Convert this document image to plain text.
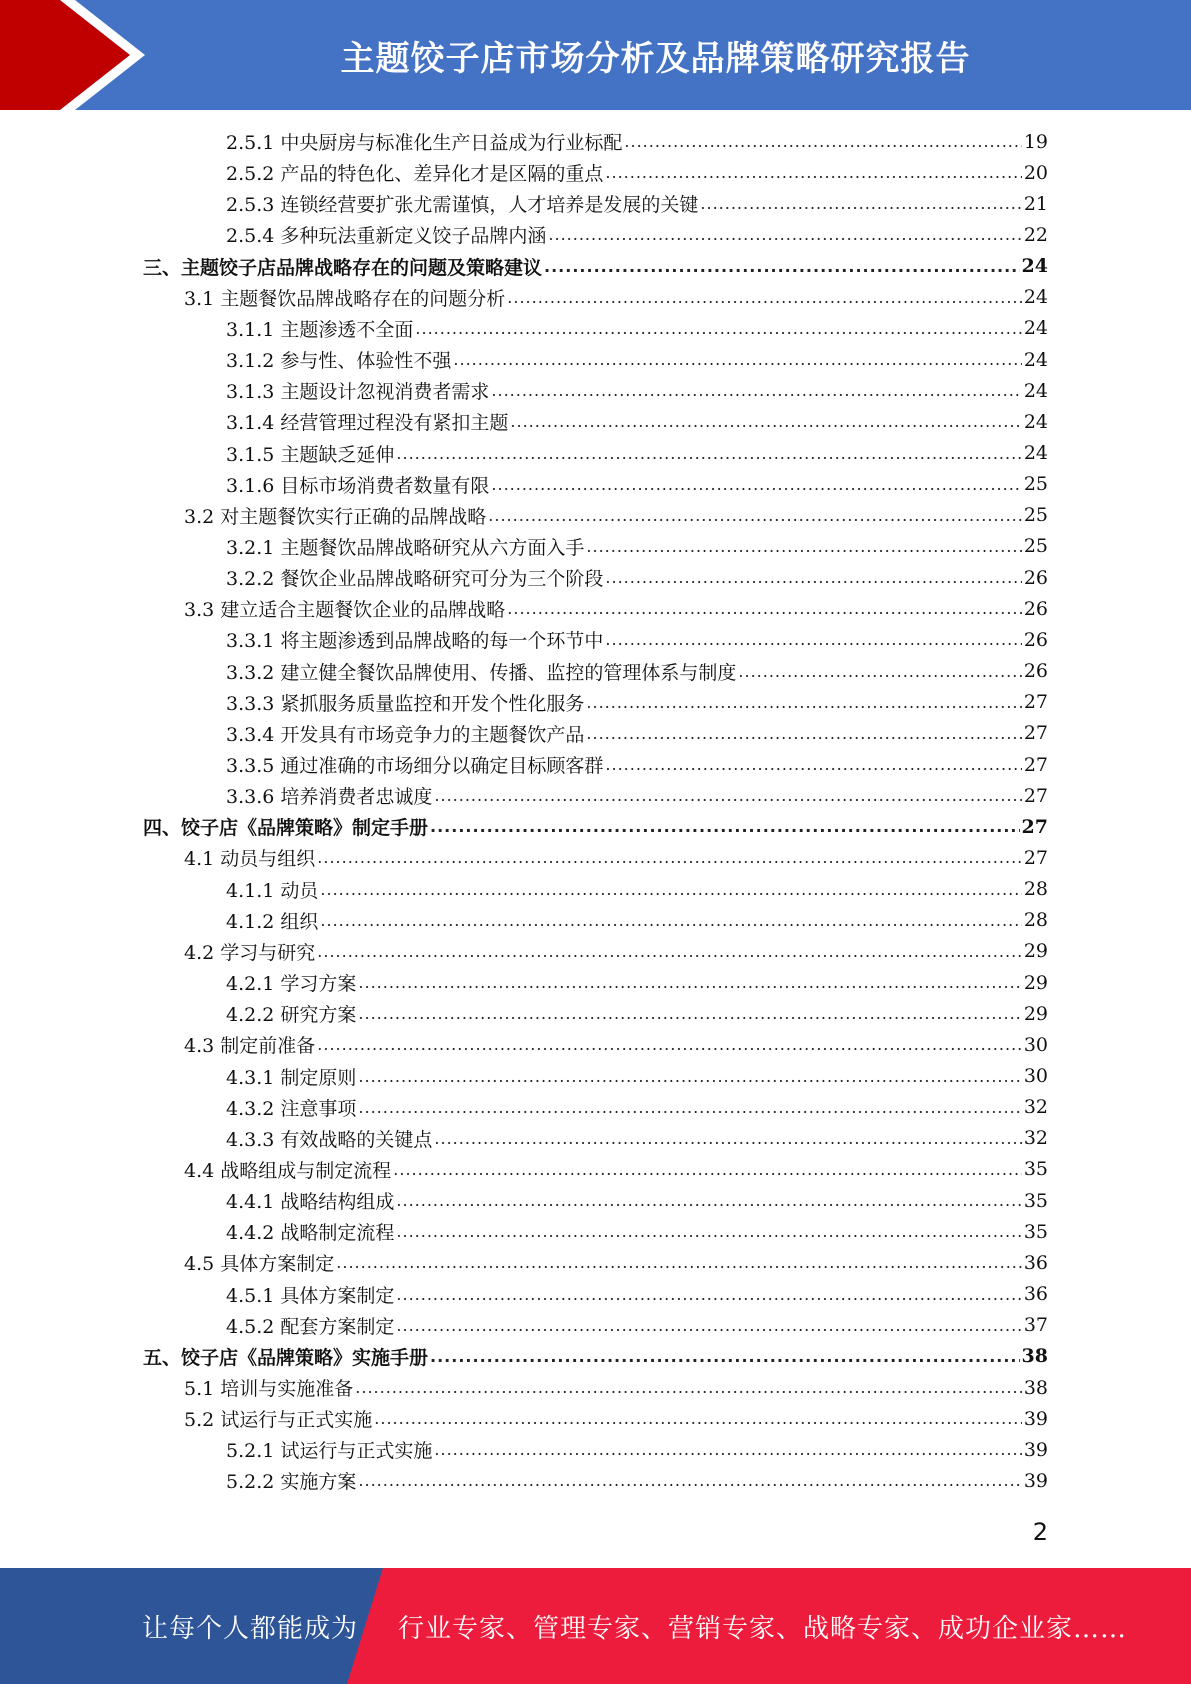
主题饺子店市场分析及品牌策略研究报告
2.5.1 中央厨房与标准化生产日益成为行业标配 .....	19
2.5.2 产品的特色化、差异化才是区隔的重点 .....	20
2.5.3 连锁经营要扩张尤需谨慎，人才培养是发展的关键 .....	21
2.5.4 多种玩法重新定义饺子品牌内涵 .....	22
三、主题饺子店品牌战略存在的问题及策略建议 .....	24
3.1 主题餐饮品牌战略存在的问题分析 .....	24
3.1.1 主题渗透不全面 .....	24
3.1.2 参与性、体验性不强 .....	24
3.1.3 主题设计忽视消费者需求 .....	24
3.1.4 经营管理过程没有紧扣主题 .....	24
3.1.5 主题缺乏延伸 .....	24
3.1.6 目标市场消费者数量有限 .....	25
3.2 对主题餐饮实行正确的品牌战略 .....	25
3.2.1 主题餐饮品牌战略研究从六方面入手 .....	25
3.2.2 餐饮企业品牌战略研究可分为三个阶段 .....	26
3.3 建立适合主题餐饮企业的品牌战略 .....	26
3.3.1 将主题渗透到品牌战略的每一个环节中 .....	26
3.3.2 建立健全餐饮品牌使用、传播、监控的管理体系与制度 .....	26
3.3.3 紧抓服务质量监控和开发个性化服务 .....	27
3.3.4 开发具有市场竞争力的主题餐饮产品 .....	27
3.3.5 通过准确的市场细分以确定目标顾客群 .....	27
3.3.6 培养消费者忠诚度 .....	27
四、饺子店《品牌策略》制定手册 .....	27
4.1 动员与组织 .....	27
4.1.1 动员 .....	28
4.1.2 组织 .....	28
4.2 学习与研究 .....	29
4.2.1 学习方案 .....	29
4.2.2 研究方案 .....	29
4.3 制定前准备 .....	30
4.3.1 制定原则 .....	30
4.3.2 注意事项 .....	32
4.3.3 有效战略的关键点 .....	32
4.4 战略组成与制定流程 .....	35
4.4.1 战略结构组成 .....	35
4.4.2 战略制定流程 .....	35
4.5 具体方案制定 .....	36
4.5.1 具体方案制定 .....	36
4.5.2 配套方案制定 .....	37
五、饺子店《品牌策略》实施手册 .....	38
5.1 培训与实施准备 .....	38
5.2 试运行与正式实施 .....	39
5.2.1 试运行与正式实施 .....	39
5.2.2 实施方案 .....	39
2
让每个人都能成为 行业专家、管理专家、营销专家、战略专家、成功企业家……
